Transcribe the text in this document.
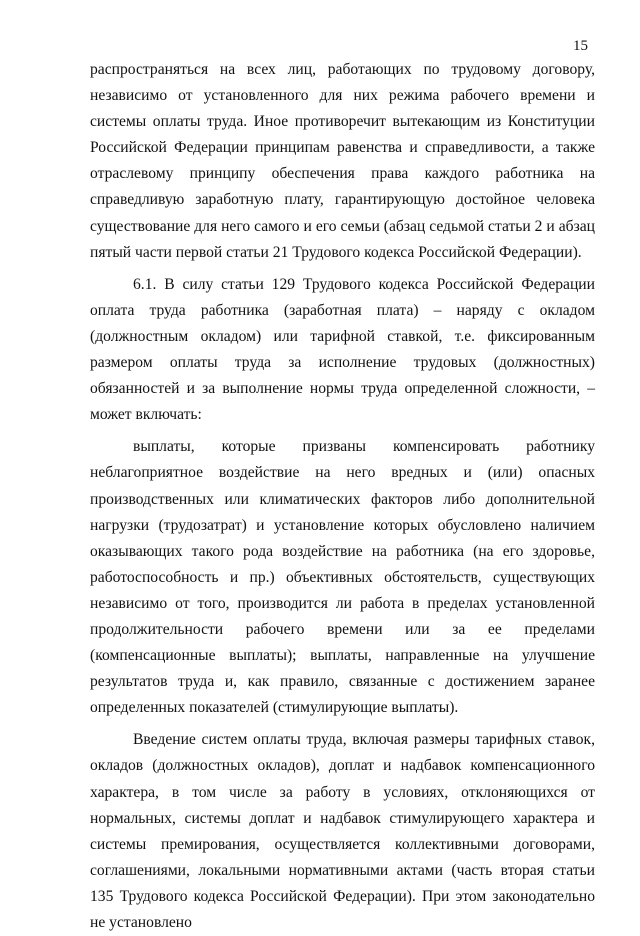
15

распространяться на всех лиц, работающих по трудовому договору, независимо от установленного для них режима рабочего времени и системы оплаты труда. Иное противоречит вытекающим из Конституции Российской Федерации принципам равенства и справедливости, а также отраслевому принципу обеспечения права каждого работника на справедливую заработную плату, гарантирующую достойное человека существование для него самого и его семьи (абзац седьмой статьи 2 и абзац пятый части первой статьи 21 Трудового кодекса Российской Федерации).

6.1. В силу статьи 129 Трудового кодекса Российской Федерации оплата труда работника (заработная плата) – наряду с окладом (должностным окладом) или тарифной ставкой, т.е. фиксированным размером оплаты труда за исполнение трудовых (должностных) обязанностей и за выполнение нормы труда определенной сложности, – может включать:

выплаты, которые призваны компенсировать работнику неблагоприятное воздействие на него вредных и (или) опасных производственных или климатических факторов либо дополнительной нагрузки (трудозатрат) и установление которых обусловлено наличием оказывающих такого рода воздействие на работника (на его здоровье, работоспособность и пр.) объективных обстоятельств, существующих независимо от того, производится ли работа в пределах установленной продолжительности рабочего времени или за ее пределами (компенсационные выплаты); выплаты, направленные на улучшение результатов труда и, как правило, связанные с достижением заранее определенных показателей (стимулирующие выплаты).

Введение систем оплаты труда, включая размеры тарифных ставок, окладов (должностных окладов), доплат и надбавок компенсационного характера, в том числе за работу в условиях, отклоняющихся от нормальных, системы доплат и надбавок стимулирующего характера и системы премирования, осуществляется коллективными договорами, соглашениями, локальными нормативными актами (часть вторая статьи 135 Трудового кодекса Российской Федерации). При этом законодательно не установлено
